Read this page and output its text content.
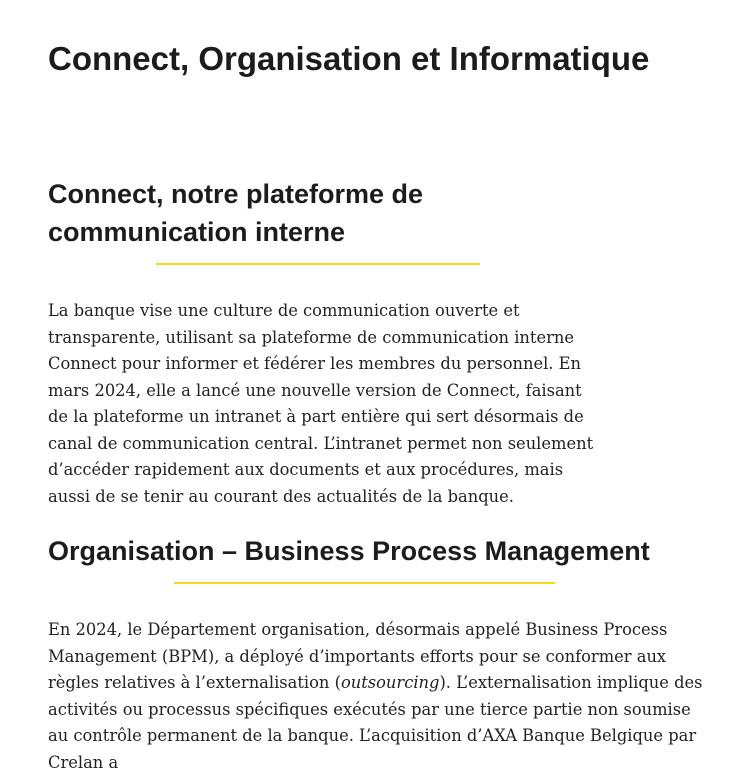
Connect, Organisation et Informatique
Connect, notre plateforme de communication interne

La banque vise une culture de communication ouverte et transparente, utilisant sa plateforme de communication interne Connect pour informer et fédérer les membres du personnel. En mars 2024, elle a lancé une nouvelle version de Connect, faisant de la plateforme un intranet à part entière qui sert désormais de canal de communication central. L’intranet permet non seulement d’accéder rapidement aux documents et aux procédures, mais aussi de se tenir au courant des actualités de la banque.

Organisation – Business Process Management

En 2024, le Département organisation, désormais appelé Business Process Management (BPM), a déployé d’importants efforts pour se conformer aux règles relatives à l’externalisation (outsourcing). L’externalisation implique des activités ou processus spécifiques exécutés par une tierce partie non soumise au contrôle permanent de la banque. L’acquisition d’AXA Banque Belgique par Crelan a
